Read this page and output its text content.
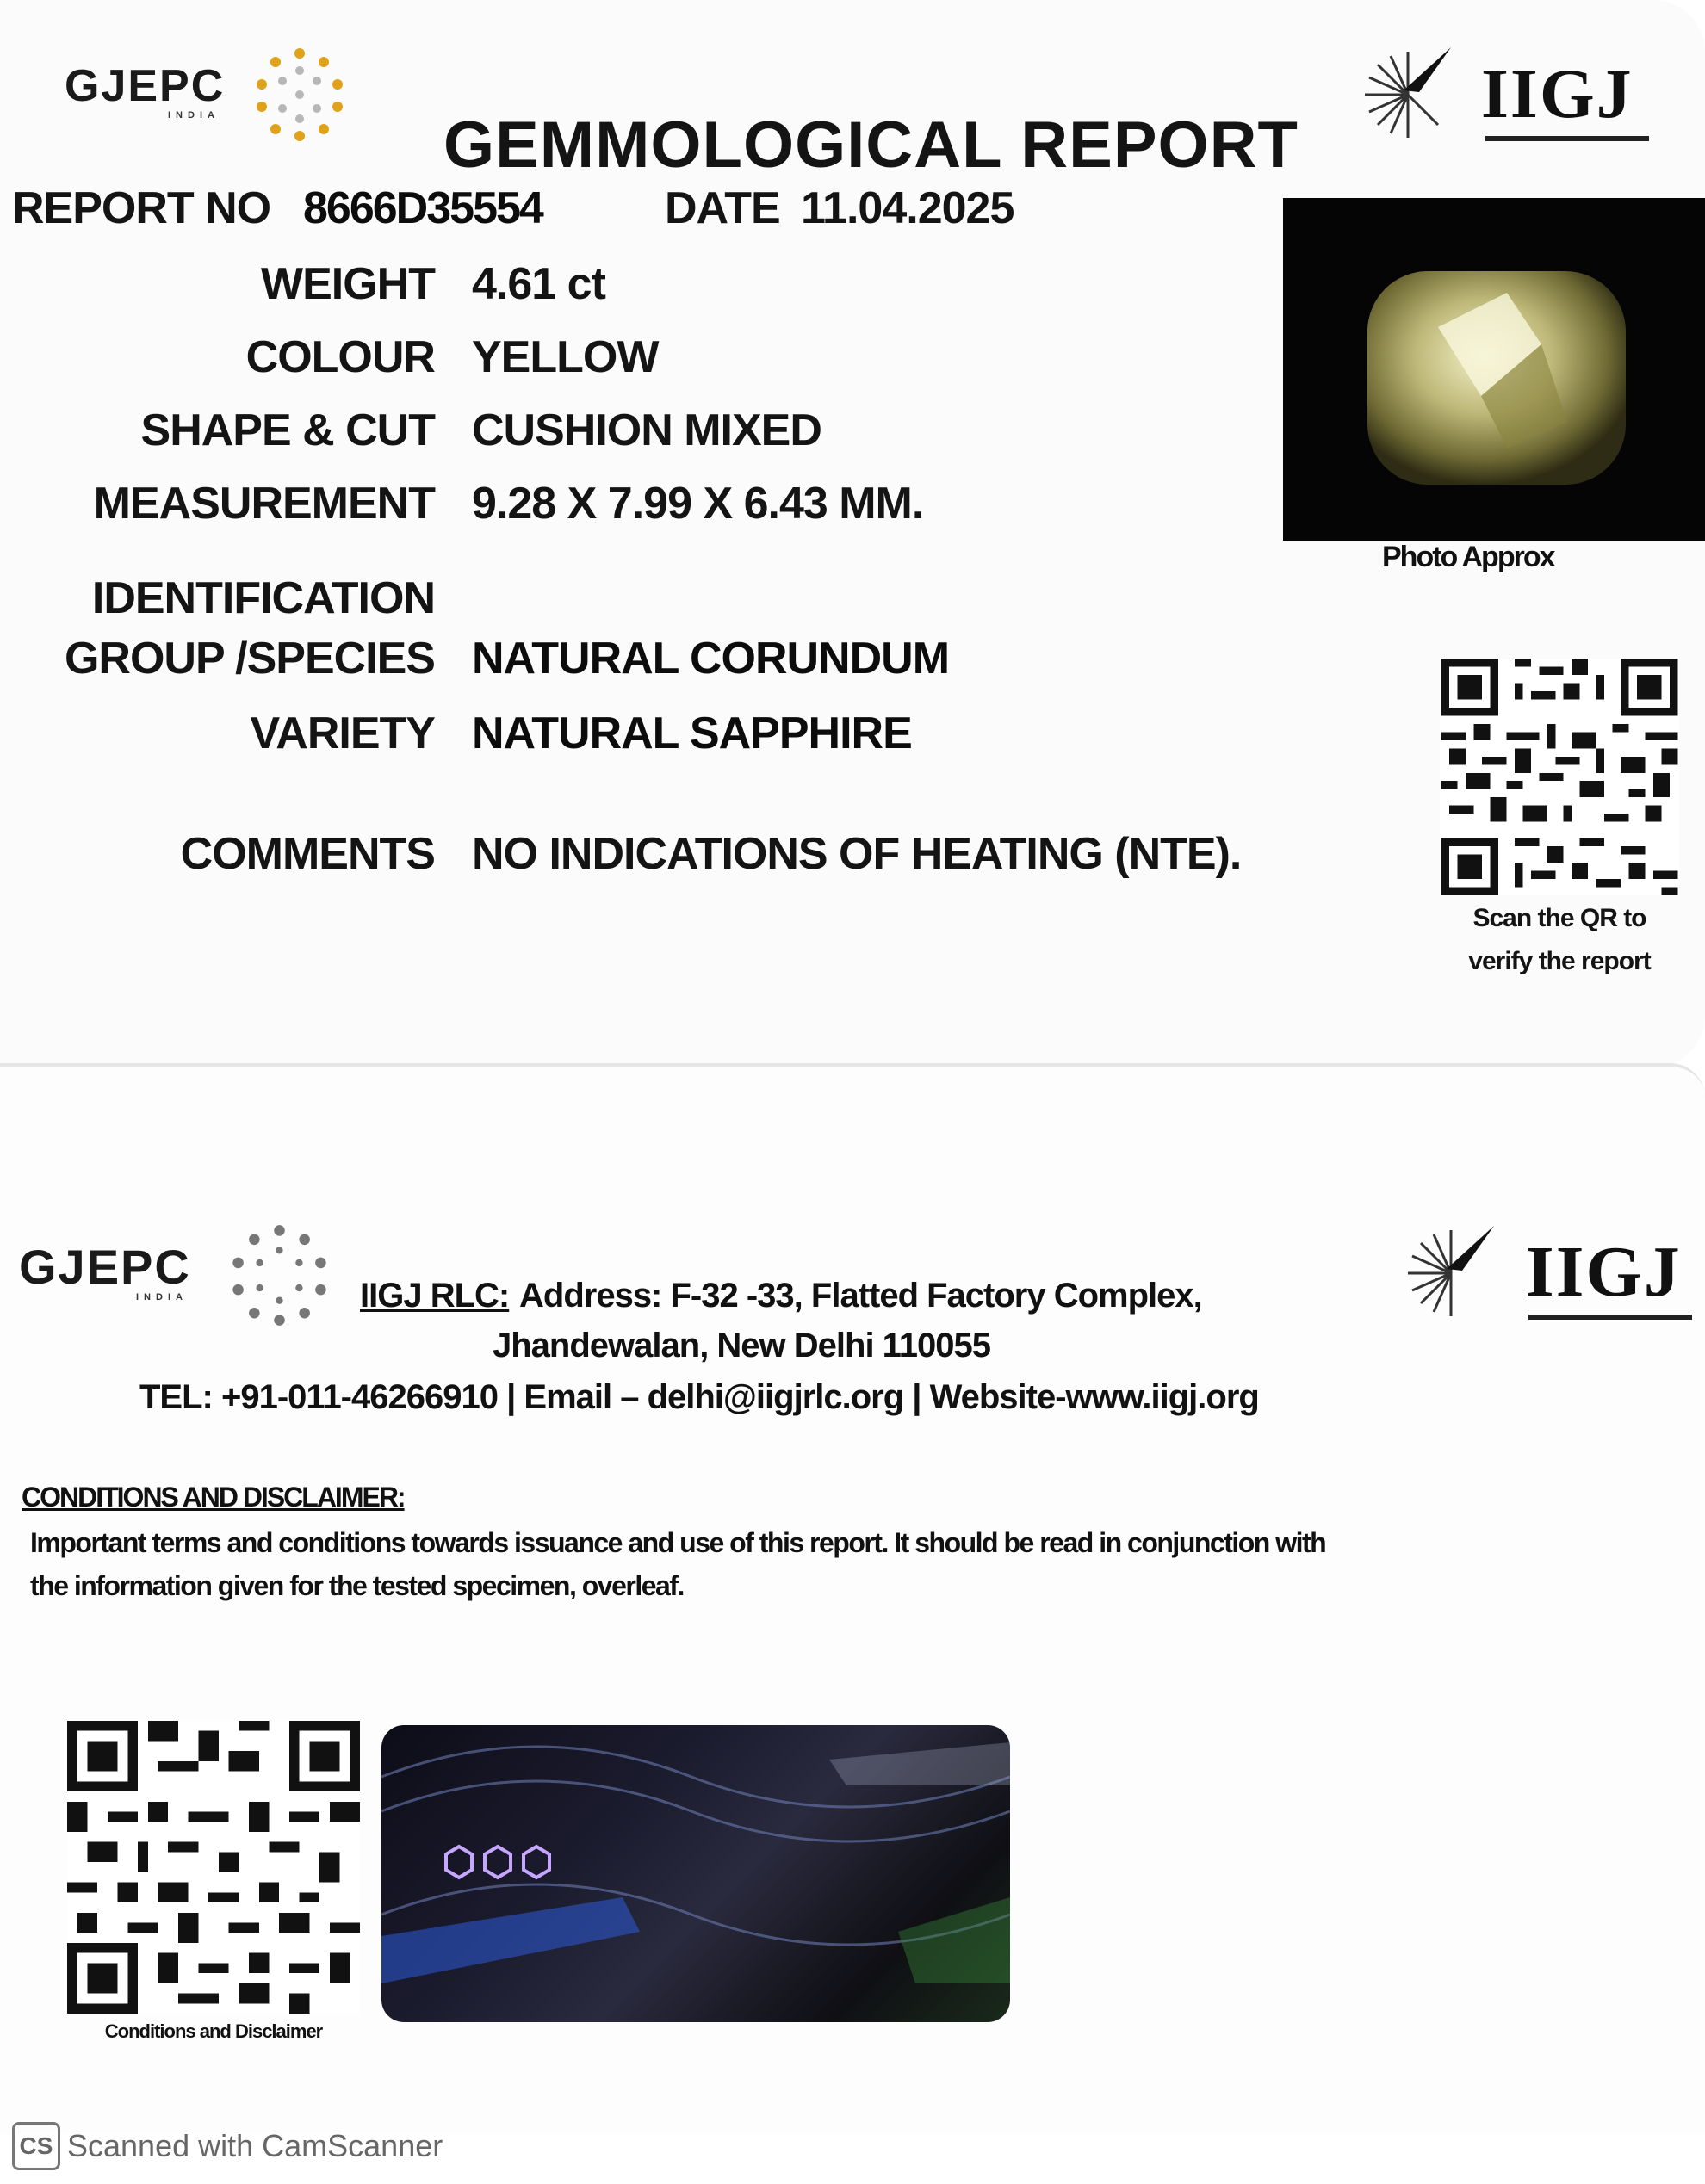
GJEPC
INDIA	IIGJ
GEMMOLOGICAL REPORT
REPORT NO 8666D35554	DATE 11.04.2025
WEIGHT 4.61 ct
COLOUR YELLOW
SHAPE & CUT CUSHION MIXED
MEASUREMENT 9.28 X 7.99 X 6.43 MM.
IDENTIFICATION
GROUP /SPECIES NATURAL CORUNDUM
VARIETY NATURAL SAPPHIRE
COMMENTS NO INDICATIONS OF HEATING (NTE).
Photo Approx
Scan the QR to
verify the report
GJEPC
INDIA	IIGJ
IIGJ RLC: Address: F-32 -33, Flatted Factory Complex,
Jhandewalan, New Delhi 110055
TEL: +91-011-46266910 | Email – delhi@iigjrlc.org | Website-www.iigj.org
CONDITIONS AND DISCLAIMER:
Important terms and conditions towards issuance and use of this report. It should be read in conjunction with
the information given for the tested specimen, overleaf.
Conditions and Disclaimer
CS Scanned with CamScanner
